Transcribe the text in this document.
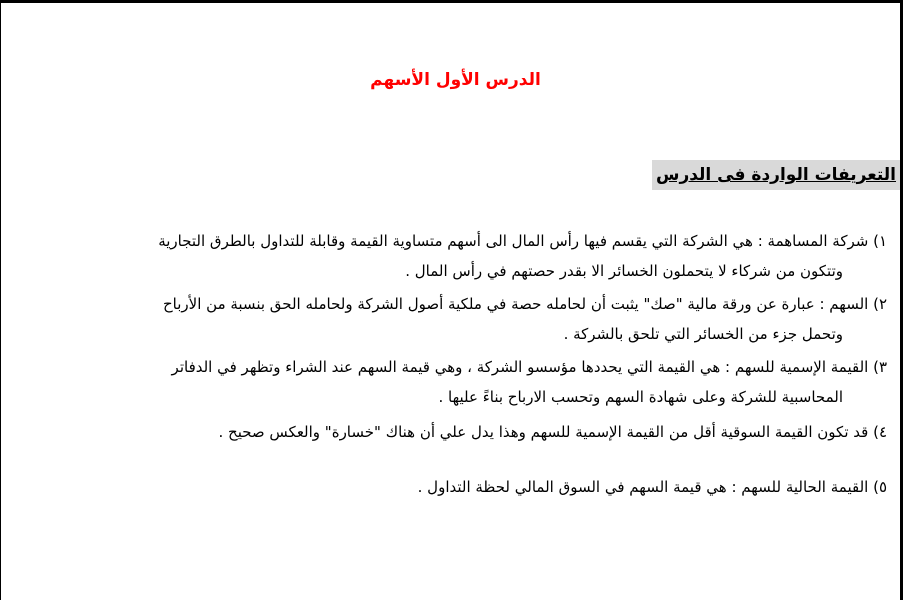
الدرس الأول الأسهم
التعريفات الواردة فى الدرس
١) شركة المساهمة : هي الشركة التي يقسم فيها رأس المال الى أسهم متساوية القيمة وقابلة للتداول بالطرق التجارية
وتتكون من شركاء لا يتحملون الخسائر الا بقدر حصتهم في رأس المال .
٢) السهم : عبارة عن ورقة مالية "صك" يثبت أن لحامله حصة في ملكية أصول الشركة ولحامله الحق بنسبة من الأرباح
وتحمل جزء من الخسائر التي تلحق بالشركة .
٣) القيمة الإسمية للسهم : هي القيمة التي يحددها مؤسسو الشركة ، وهي قيمة السهم عند الشراء وتظهر في الدفاتر
المحاسبية للشركة وعلى شهادة السهم وتحسب الارباح بناءً عليها .
٤) قد تكون القيمة السوقية أقل من القيمة الإسمية للسهم وهذا يدل علي أن هناك "خسارة" والعكس صحيح .
٥) القيمة الحالية للسهم : هي قيمة السهم في السوق المالي لحظة التداول .
